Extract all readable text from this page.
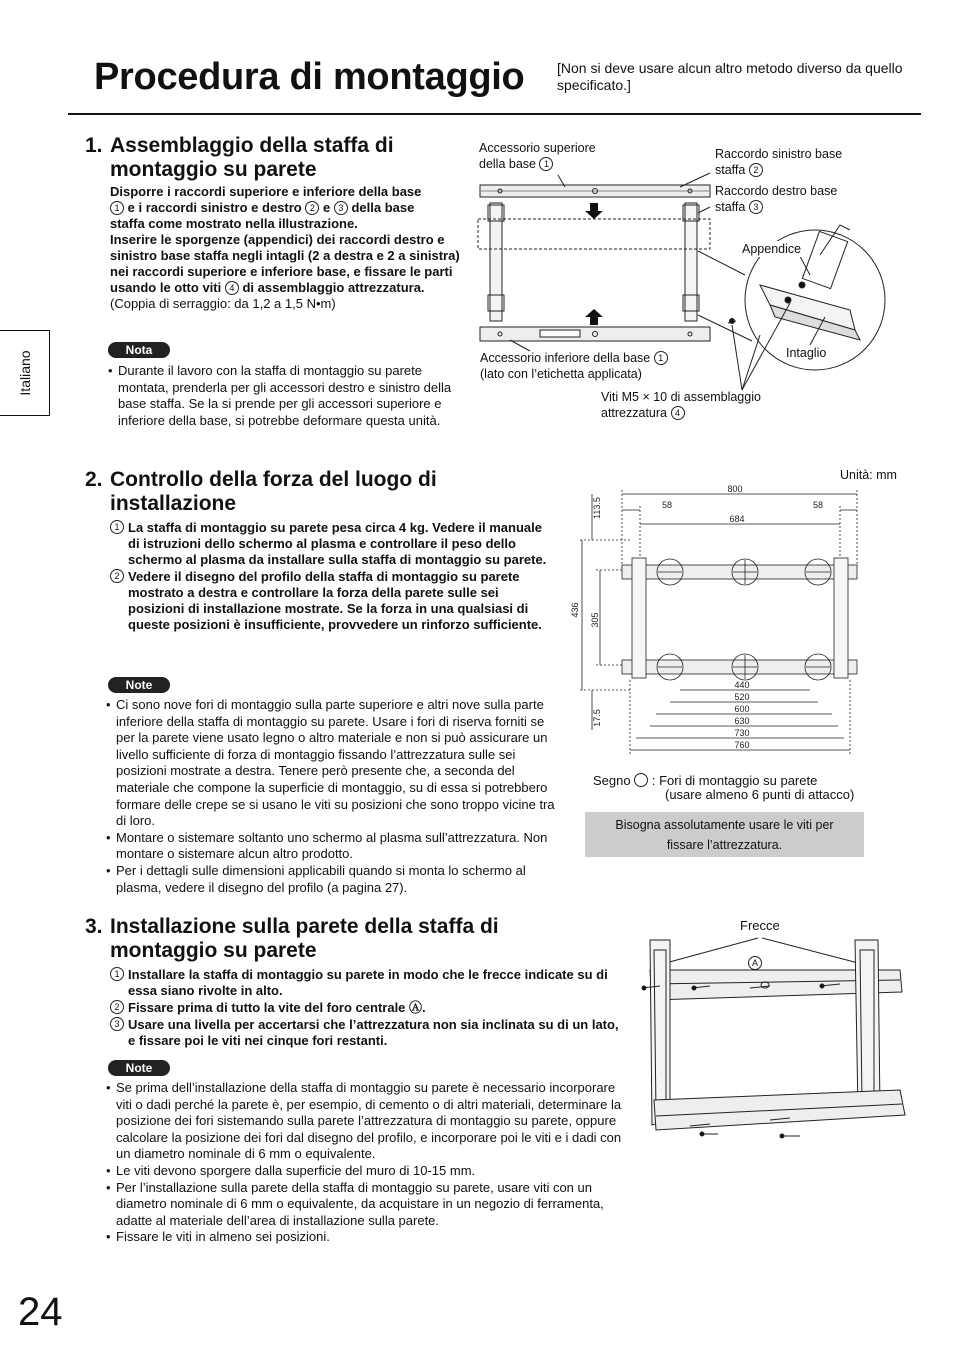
Procedura di montaggio [Non si deve usare alcun altro metodo diverso da quello specificato.]
Italiano
1. Assemblaggio della staffa di montaggio su parete
Disporre i raccordi superiore e inferiore della base
1 e i raccordi sinistro e destro 2 e 3 della base
staffa come mostrato nella illustrazione.
Inserire le sporgenze (appendici) dei raccordi destro e sinistro base staffa negli intagli (2 a destra e 2 a sinistra) nei raccordi superiore e inferiore base, e fissare le parti usando le otto viti 4 di assemblaggio attrezzatura.
(Coppia di serraggio: da 1,2 a 1,5 N•m)
Nota
• Durante il lavoro con la staffa di montaggio su parete montata, prenderla per gli accessori destro e sinistro della base staffa. Se la si prende per gli accessori superiore e inferiore della base, si potrebbe deformare questa unità.
Accessorio superiore
della base 1
Raccordo sinistro base
staffa 2
Raccordo destro base
staffa 3
Appendice
Intaglio
Accessorio inferiore della base 1
(lato con l’etichetta applicata)
Viti M5 × 10 di assemblaggio
attrezzatura 4
2. Controllo della forza del luogo di installazione
1 La staffa di montaggio su parete pesa circa 4 kg. Vedere il manuale di istruzioni dello schermo al plasma e controllare il peso dello schermo al plasma da installare sulla staffa di montaggio su parete.
2 Vedere il disegno del profilo della staffa di montaggio su parete mostrato a destra e controllare la forza della parete sulle sei posizioni di installazione mostrate. Se la forza in una qualsiasi di queste posizioni è insufficiente, provvedere un rinforzo sufficiente.
Note
• Ci sono nove fori di montaggio sulla parte superiore e altri nove sulla parte inferiore della staffa di montaggio su parete. Usare i fori di riserva forniti se per la parete viene usato legno o altro materiale e non si può assicurare un livello sufficiente di forza di montaggio fissando l’attrezzatura sulle sei posizioni mostrate a destra. Tenere però presente che, a seconda del materiale che compone la superficie di montaggio, su di essa si potrebbero formare delle crepe se si usano le viti su posizioni che sono troppo vicine tra di loro.
• Montare o sistemare soltanto uno schermo al plasma sull’attrezzatura. Non montare o sistemare alcun altro prodotto.
• Per i dettagli sulle dimensioni applicabili quando si monta lo schermo al plasma, vedere il disegno del profilo (a pagina 27).
Unità: mm
800
58	58
684
440
520
600
630
730
760
113.5
436
305
17.5
Segno : Fori di montaggio su parete
(usare almeno 6 punti di attacco)
Bisogna assolutamente usare le viti per
fissare l’attrezzatura.
3. Installazione sulla parete della staffa di montaggio su parete
1 Installare la staffa di montaggio su parete in modo che le frecce indicate su di essa siano rivolte in alto.
2 Fissare prima di tutto la vite del foro centrale Ⓐ.
3 Usare una livella per accertarsi che l’attrezzatura non sia inclinata su di un lato, e fissare poi le viti nei cinque fori restanti.
Note
• Se prima dell’installazione della staffa di montaggio su parete è necessario incorporare viti o dadi perché la parete è, per esempio, di cemento o di altri materiali, determinare la posizione dei fori sistemando sulla parete l’attrezzatura di montaggio su parete, oppure calcolare la posizione dei fori dal disegno del profilo, e incorporare poi le viti e i dadi con un diametro nominale di 6 mm o equivalente.
• Le viti devono sporgere dalla superficie del muro di 10-15 mm.
• Per l’installazione sulla parete della staffa di montaggio su parete, usare viti con un diametro nominale di 6 mm o equivalente, da acquistare in un negozio di ferramenta, adatte al materiale dell’area di installazione sulla parete.
• Fissare le viti in almeno sei posizioni.
Frecce
A
24
